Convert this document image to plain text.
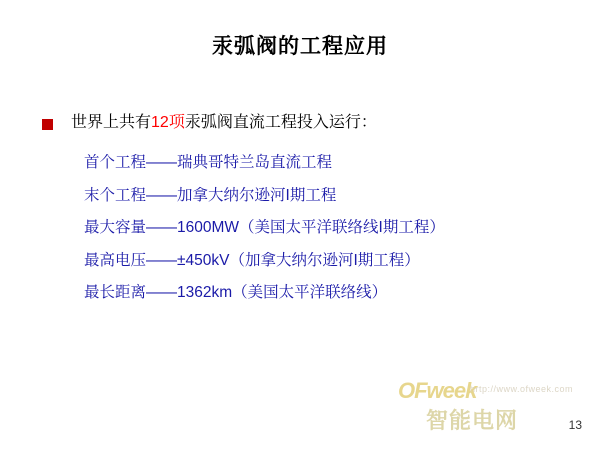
汞弧阀的工程应用
世界上共有12项汞弧阀直流工程投入运行：
首个工程——瑞典哥特兰岛直流工程
末个工程——加拿大纳尔逊河I期工程
最大容量——1600MW（美国太平洋联络线I期工程）
最高电压——±450kV（加拿大纳尔逊河I期工程）
最长距离——1362km（美国太平洋联络线）
OFweek
hrtp://www.ofweek.com
智能电网	13
